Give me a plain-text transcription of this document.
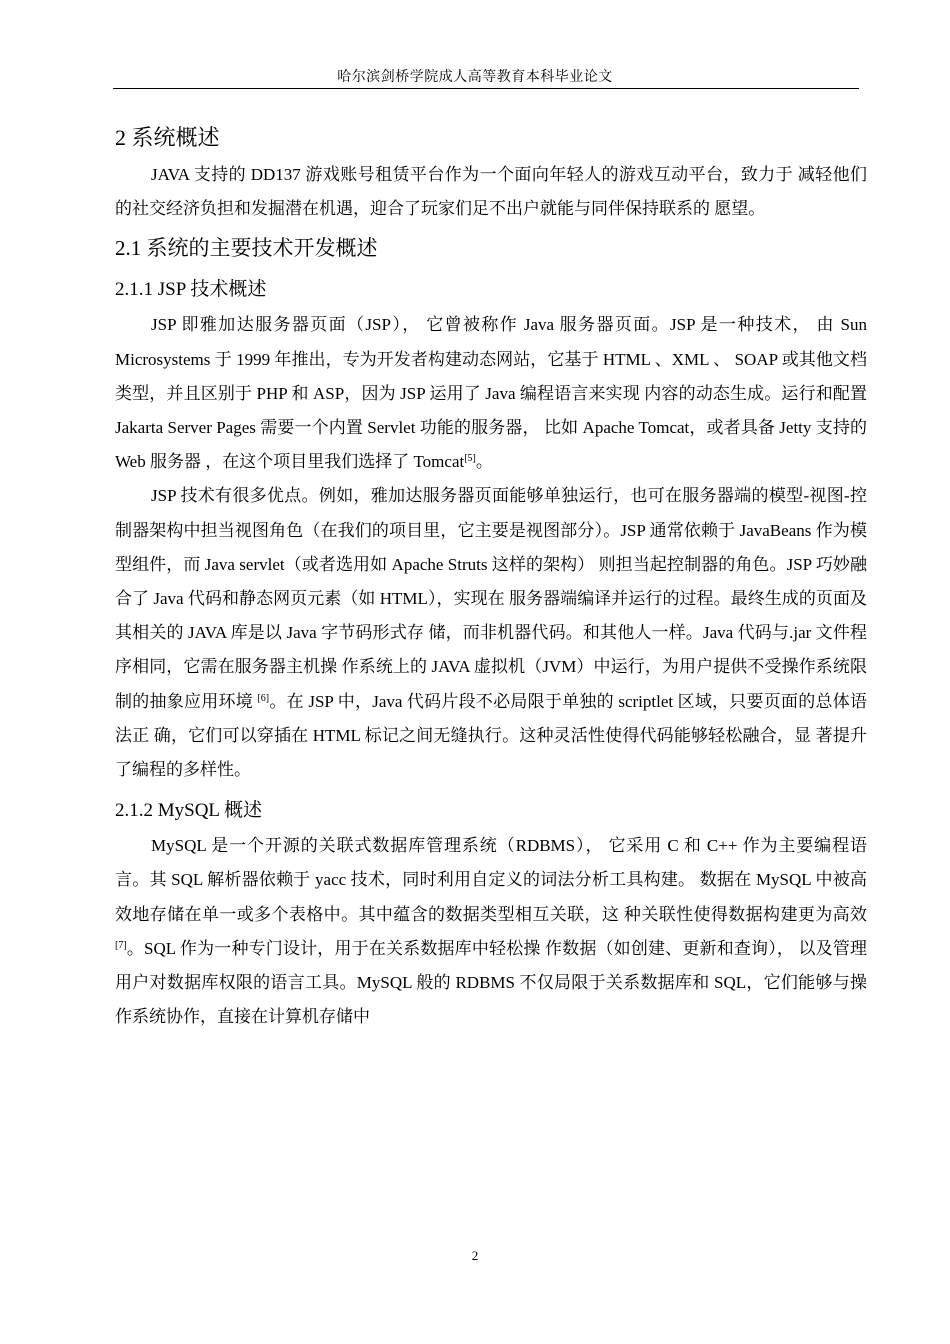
哈尔滨剑桥学院成人高等教育本科毕业论文
2 系统概述

JAVA 支持的 DD137 游戏账号租赁平台作为一个面向年轻人的游戏互动平台，致力于 减轻他们的社交经济负担和发掘潜在机遇，迎合了玩家们足不出户就能与同伴保持联系的 愿望。

2.1 系统的主要技术开发概述
2.1.1 JSP 技术概述

JSP 即雅加达服务器页面（JSP）， 它曾被称作 Java 服务器页面。JSP 是一种技术， 由 Sun Microsystems 于 1999 年推出，专为开发者构建动态网站，它基于 HTML 、XML 、 SOAP 或其他文档类型，并且区别于 PHP 和 ASP，因为 JSP 运用了 Java 编程语言来实现 内容的动态生成。运行和配置 Jakarta Server Pages 需要一个内置 Servlet 功能的服务器， 比如 Apache Tomcat，或者具备 Jetty 支持的 Web 服务器 ，在这个项目里我们选择了 Tomcat[5]。

JSP 技术有很多优点。例如，雅加达服务器页面能够单独运行，也可在服务器端的模型-视图-控制器架构中担当视图角色（在我们的项目里，它主要是视图部分）。JSP 通常依赖于 JavaBeans 作为模型组件，而 Java servlet（或者选用如 Apache Struts 这样的架构） 则担当起控制器的角色。JSP 巧妙融合了 Java 代码和静态网页元素（如 HTML），实现在 服务器端编译并运行的过程。最终生成的页面及其相关的 JAVA 库是以 Java 字节码形式存 储，而非机器代码。和其他人一样。Java 代码与.jar 文件程序相同，它需在服务器主机操 作系统上的 JAVA 虚拟机（JVM）中运行，为用户提供不受操作系统限制的抽象应用环境 [6]。在 JSP 中，Java 代码片段不必局限于单独的 scriptlet 区域，只要页面的总体语法正 确，它们可以穿插在 HTML 标记之间无缝执行。这种灵活性使得代码能够轻松融合，显 著提升了编程的多样性。

2.1.2 MySQL 概述

MySQL 是一个开源的关联式数据库管理系统（RDBMS）， 它采用 C 和 C++ 作为主要编程语言。其 SQL 解析器依赖于 yacc 技术，同时利用自定义的词法分析工具构建。 数据在 MySQL 中被高效地存储在单一或多个表格中。其中蕴含的数据类型相互关联，这 种关联性使得数据构建更为高效[7]。SQL 作为一种专门设计，用于在关系数据库中轻松操 作数据（如创建、更新和查询）， 以及管理用户对数据库权限的语言工具。MySQL 般的 RDBMS 不仅局限于关系数据库和 SQL，它们能够与操作系统协作，直接在计算机存储中

2
